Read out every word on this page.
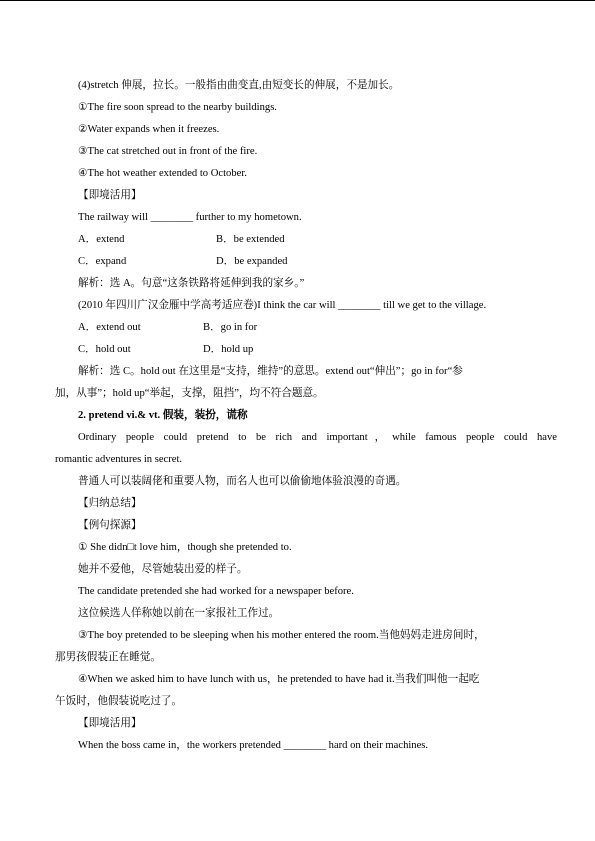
(4)stretch 伸展，拉长。一般指由曲变直,由短变长的伸展，不是加长。
①The fire soon spread to the nearby buildings.
②Water expands when it freezes.
③The cat stretched out in front of the fire.
④The hot weather extended to October.
【即境活用】
The railway will ________ further to my hometown.
A．extend	B．be extended
C．expand	D．be expanded
解析：选 A。句意“这条铁路将延伸到我的家乡。”
(2010 年四川广汉金雁中学高考适应卷)I think the car will ________ till we get to the village.
A．extend out	B．go in for
C．hold out	D．hold up
解析：选 C。hold out 在这里是“支持，维持”的意思。extend out“伸出”；go in for“参
加，从事”；hold up“举起，支撑，阻挡”，均不符合题意。
2. pretend vi.& vt. 假装，装扮，谎称
Ordinary people could pretend to be rich and important，while famous people could have
romantic adventures in secret.
普通人可以装阔佬和重要人物，而名人也可以偷偷地体验浪漫的奇遇。
【归纳总结】
【例句探源】
① She didn□t love him，though she pretended to.
她并不爱他，尽管她装出爱的样子。
The candidate pretended she had worked for a newspaper before.
这位候选人佯称她以前在一家报社工作过。
③The boy pretended to be sleeping when his mother entered the room.当他妈妈走进房间时，
那男孩假装正在睡觉。
④When we asked him to have lunch with us，he pretended to have had it.当我们叫他一起吃
午饭时，他假装说吃过了。
【即境活用】
When the boss came in，the workers pretended ________ hard on their machines.
